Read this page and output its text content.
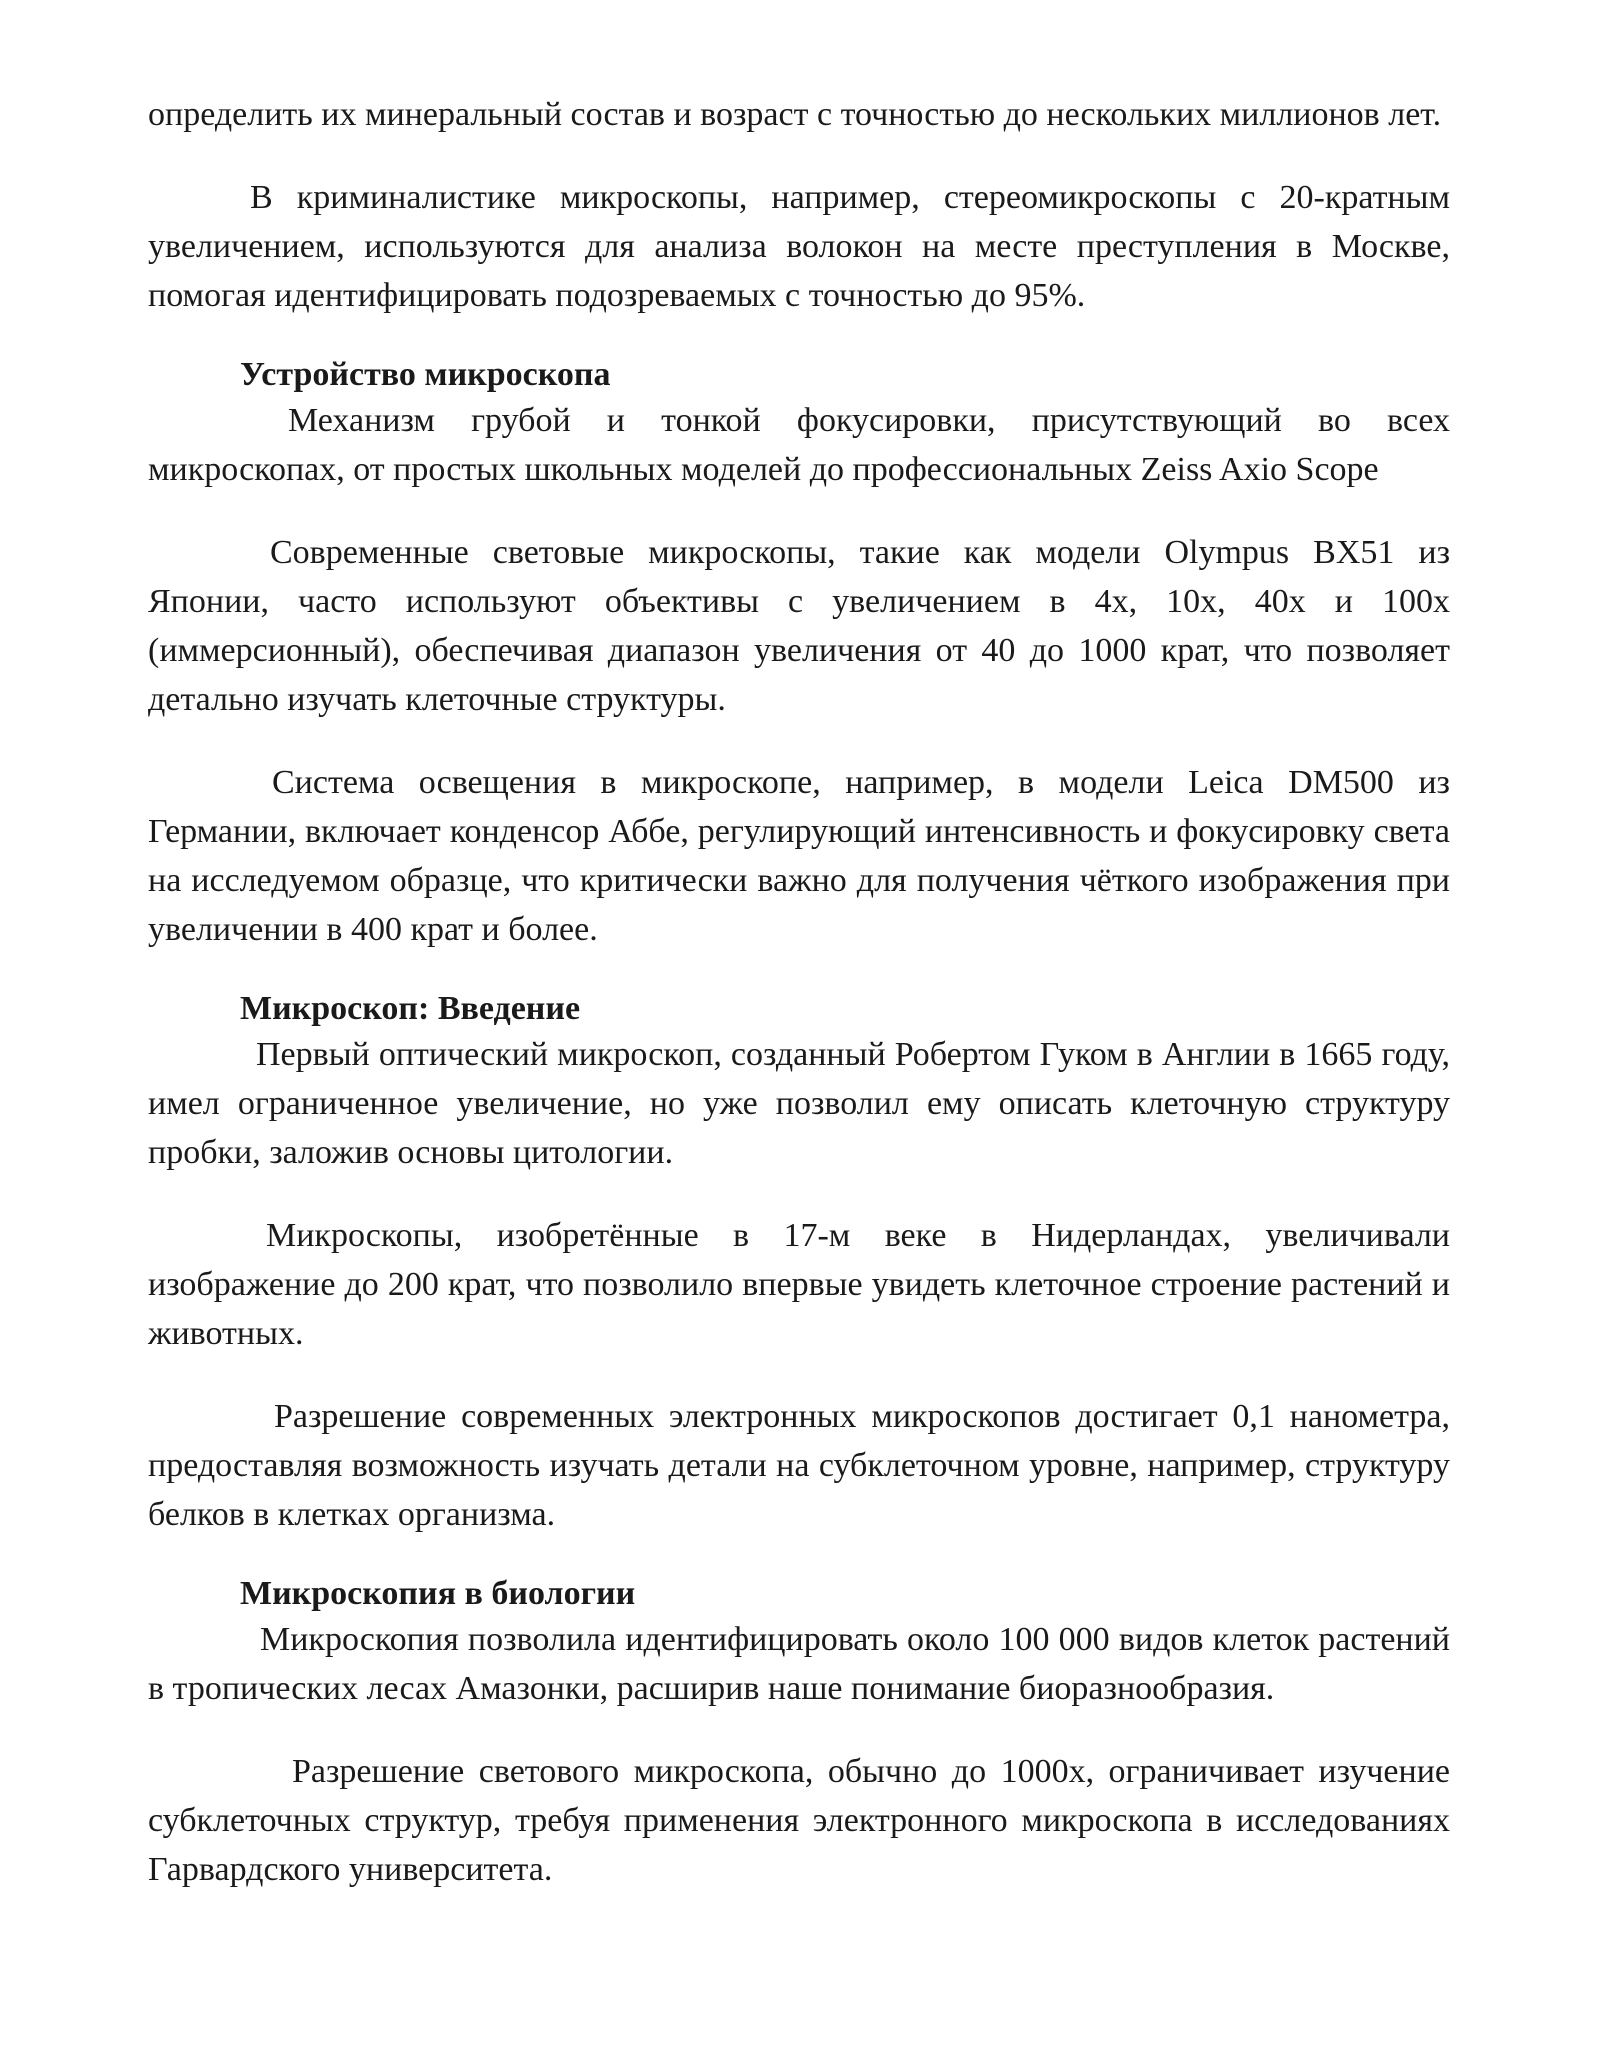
определить их минеральный состав и возраст с точностью до нескольких миллионов лет.

В криминалистике микроскопы, например, стереомикроскопы с 20-кратным увеличением, используются для анализа волокон на месте преступления в Москве, помогая идентифицировать подозреваемых с точностью до 95%.

Устройство микроскопа

Механизм грубой и тонкой фокусировки, присутствующий во всех микроскопах, от простых школьных моделей до профессиональных Zeiss Axio Scope

Современные световые микроскопы, такие как модели Olympus BX51 из Японии, часто используют объективы с увеличением в 4x, 10x, 40x и 100x (иммерсионный), обеспечивая диапазон увеличения от 40 до 1000 крат, что позволяет детально изучать клеточные структуры.

Система освещения в микроскопе, например, в модели Leica DM500 из Германии, включает конденсор Аббе, регулирующий интенсивность и фокусировку света на исследуемом образце, что критически важно для получения чёткого изображения при увеличении в 400 крат и более.

Микроскоп: Введение

Первый оптический микроскоп, созданный Робертом Гуком в Англии в 1665 году, имел ограниченное увеличение, но уже позволил ему описать клеточную структуру пробки, заложив основы цитологии.

Микроскопы, изобретённые в 17-м веке в Нидерландах, увеличивали изображение до 200 крат, что позволило впервые увидеть клеточное строение растений и животных.

Разрешение современных электронных микроскопов достигает 0,1 нанометра, предоставляя возможность изучать детали на субклеточном уровне, например, структуру белков в клетках организма.

Микроскопия в биологии

Микроскопия позволила идентифицировать около 100 000 видов клеток растений в тропических лесах Амазонки, расширив наше понимание биоразнообразия.

Разрешение светового микроскопа, обычно до 1000x, ограничивает изучение субклеточных структур, требуя применения электронного микроскопа в исследованиях Гарвардского университета.
